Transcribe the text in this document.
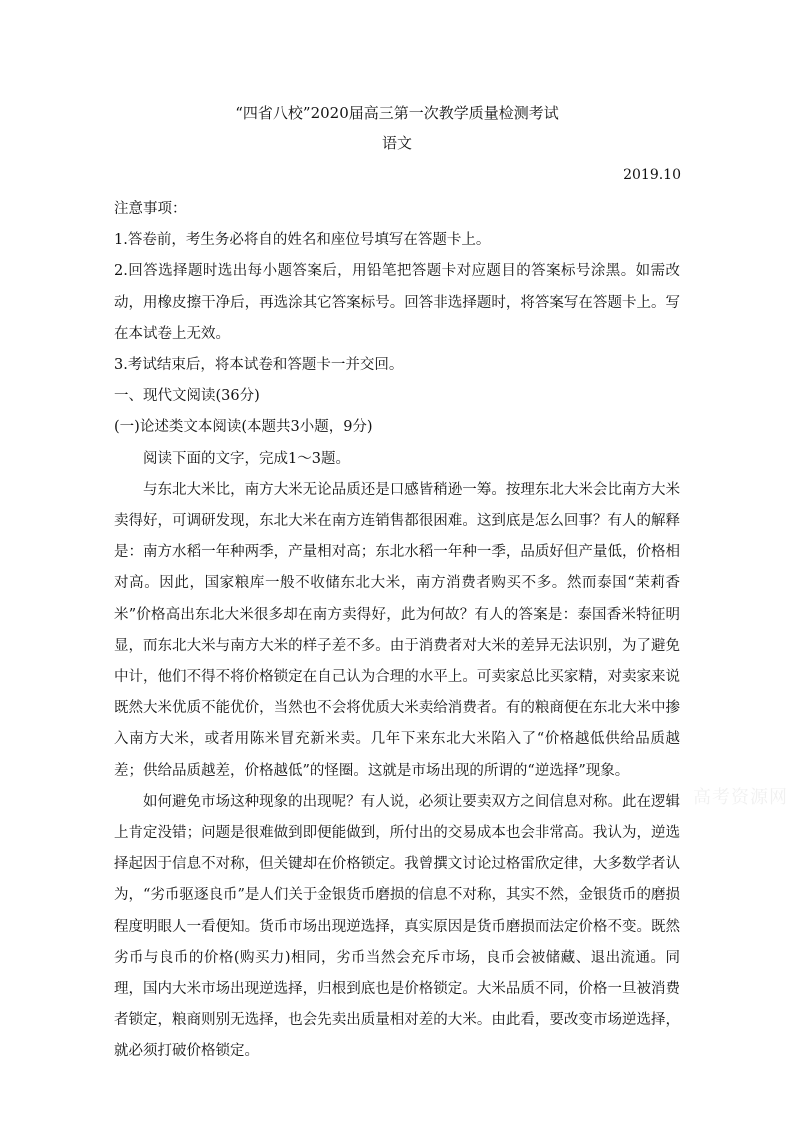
“四省八校”2020届高三第一次教学质量检测考试
语文
2019.10

注意事项：

1.答卷前，考生务必将自的姓名和座位号填写在答题卡上。

2.回答选择题时选出每小题答案后，用铅笔把答题卡对应题目的答案标号涂黑。如需改动，用橡皮擦干净后，再选涂其它答案标号。回答非选择题时，将答案写在答题卡上。写在本试卷上无效。

3.考试结束后，将本试卷和答题卡一并交回。

一、现代文阅读(36分)

(一)论述类文本阅读(本题共3小题，9分)

阅读下面的文字，完成1～3题。

与东北大米比，南方大米无论品质还是口感皆稍逊一筹。按理东北大米会比南方大米卖得好，可调研发现，东北大米在南方连销售都很困难。这到底是怎么回事？有人的解释是：南方水稻一年种两季，产量相对高；东北水稻一年种一季，品质好但产量低，价格相对高。因此，国家粮库一般不收储东北大米，南方消费者购买不多。然而泰国“茉莉香米”价格高出东北大米很多却在南方卖得好，此为何故？有人的答案是：泰国香米特征明显，而东北大米与南方大米的样子差不多。由于消费者对大米的差异无法识别，为了避免中计，他们不得不将价格锁定在自己认为合理的水平上。可卖家总比买家精，对卖家来说既然大米优质不能优价，当然也不会将优质大米卖给消费者。有的粮商便在东北大米中掺入南方大米，或者用陈米冒充新米卖。几年下来东北大米陷入了“价格越低供给品质越差；供给品质越差，价格越低”的怪圈。这就是市场出现的所谓的“逆选择”现象。

如何避免市场这种现象的出现呢？有人说，必须让要卖双方之间信息对称。此在逻辑上肯定没错；问题是很难做到即便能做到，所付出的交易成本也会非常高。我认为，逆选择起因于信息不对称，但关键却在价格锁定。我曾撰文讨论过格雷欣定律，大多数学者认为，“劣币驱逐良币”是人们关于金银货币磨损的信息不对称，其实不然，金银货币的磨损程度明眼人一看便知。货币市场出现逆选择，真实原因是货币磨损而法定价格不变。既然劣币与良币的价格(购买力)相同，劣币当然会充斥市场，良币会被储藏、退出流通。同理，国内大米市场出现逆选择，归根到底也是价格锁定。大米品质不同，价格一旦被消费者锁定，粮商则别无选择，也会先卖出质量相对差的大米。由此看，要改变市场逆选择，就必须打破价格锁定。

高考资源网
